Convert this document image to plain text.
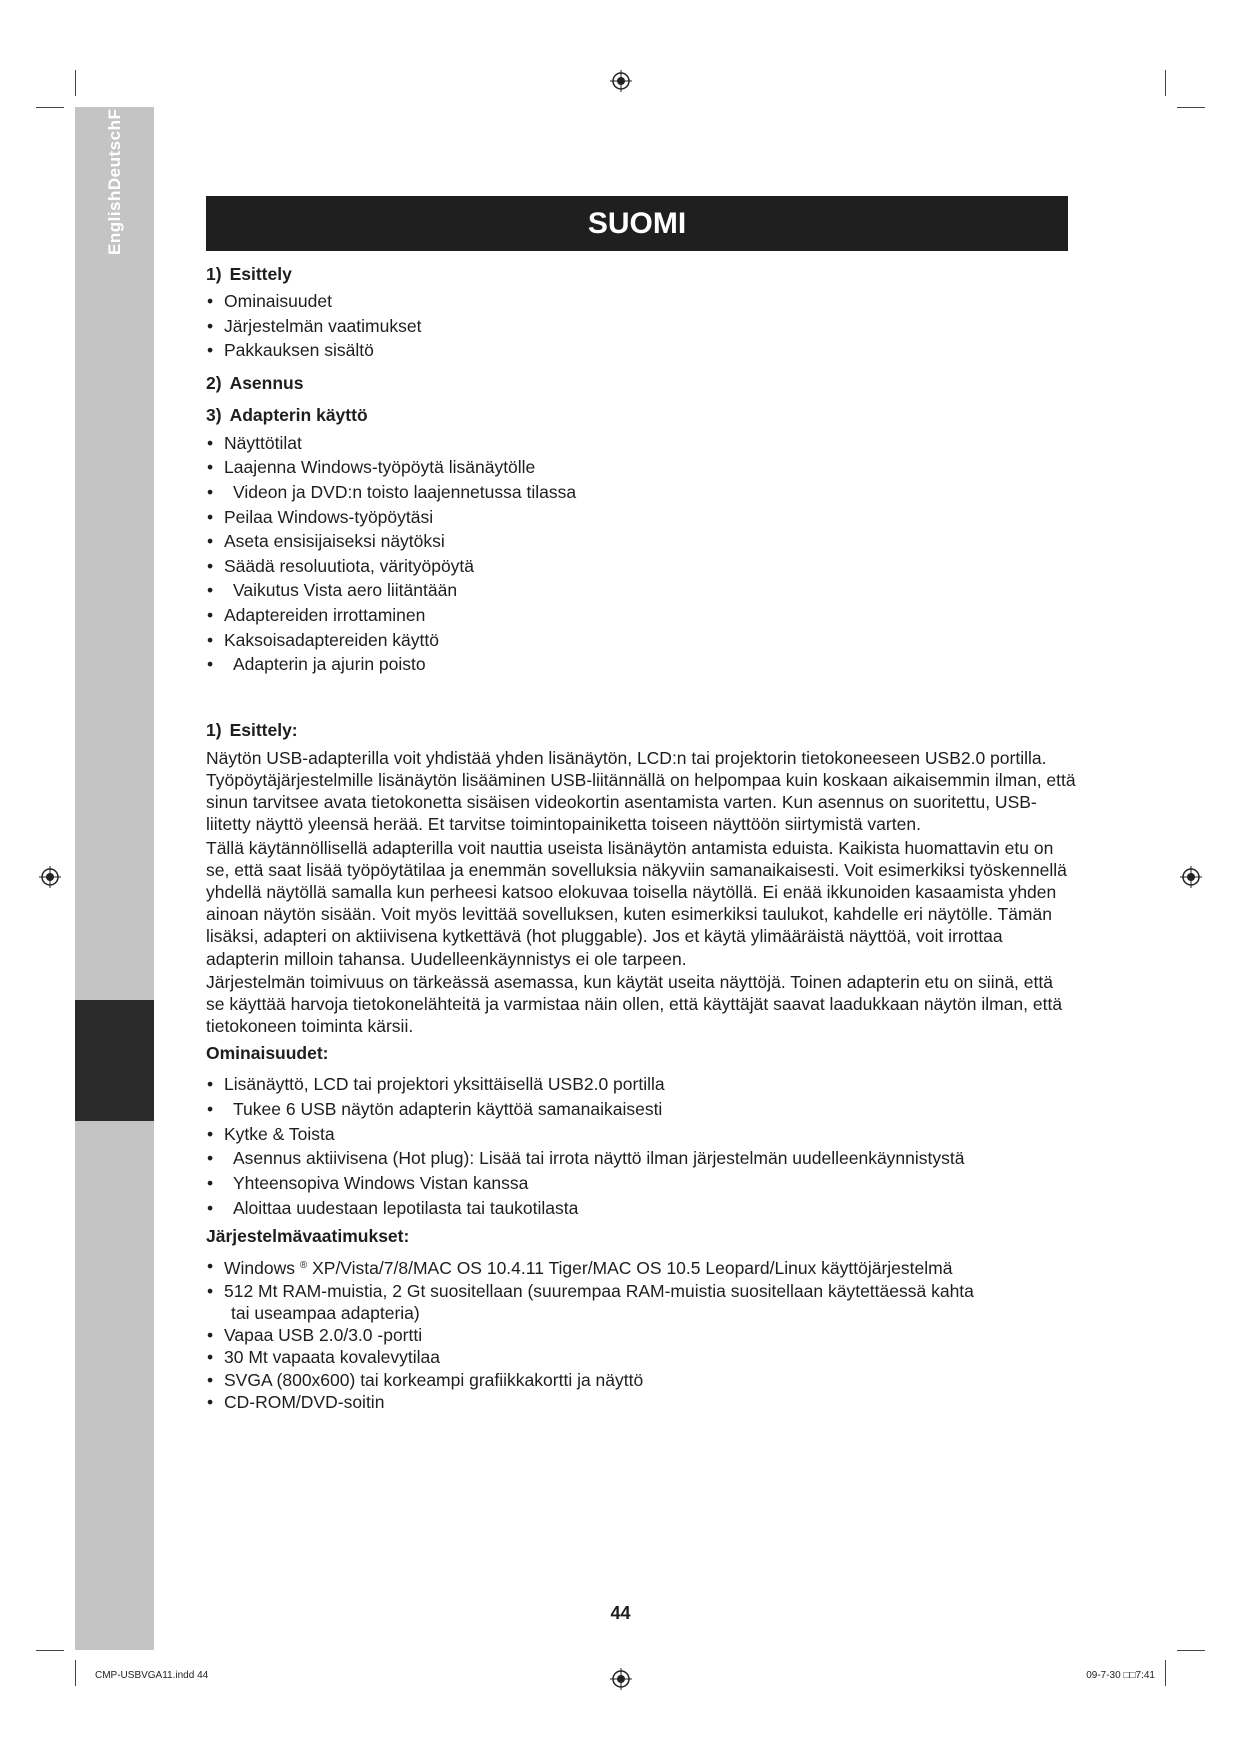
EnglishDeutschF	SUOMI
1) Esittely
• Ominaisuudet
• Järjestelmän vaatimukset
• Pakkauksen sisältö
2) Asennus
3) Adapterin käyttö
• Näyttötilat
• Laajenna Windows-työpöytä lisänäytölle
• Videon ja DVD:n toisto laajennetussa tilassa
• Peilaa Windows-työpöytäsi
• Aseta ensisijaiseksi näytöksi
• Säädä resoluutiota, värityöpöytä
• Vaikutus Vista aero liitäntään
• Adaptereiden irrottaminen
• Kaksoisadaptereiden käyttö
• Adapterin ja ajurin poisto
1) Esittely:

Näytön USB-adapterilla voit yhdistää yhden lisänäytön, LCD:n tai projektorin tietokoneeseen USB2.0 portilla. Työpöytäjärjestelmille lisänäytön lisääminen USB-liitännällä on helpompaa kuin koskaan aikaisemmin ilman, että sinun tarvitsee avata tietokonetta sisäisen videokortin asentamista varten. Kun asennus on suoritettu, USB-liitetty näyttö yleensä herää. Et tarvitse toimintopainiketta toiseen näyttöön siirtymistä varten.

Tällä käytännöllisellä adapterilla voit nauttia useista lisänäytön antamista eduista. Kaikista huomattavin etu on se, että saat lisää työpöytätilaa ja enemmän sovelluksia näkyviin samanaikaisesti. Voit esimerkiksi työskennellä yhdellä näytöllä samalla kun perheesi katsoo elokuvaa toisella näytöllä. Ei enää ikkunoiden kasaamista yhden ainoan näytön sisään. Voit myös levittää sovelluksen, kuten esimerkiksi taulukot, kahdelle eri näytölle. Tämän lisäksi, adapteri on aktiivisena kytkettävä (hot pluggable). Jos et käytä ylimääräistä näyttöä, voit irrottaa adapterin milloin tahansa. Uudelleenkäynnistys ei ole tarpeen.

Järjestelmän toimivuus on tärkeässä asemassa, kun käytät useita näyttöjä. Toinen adapterin etu on siinä, että se käyttää harvoja tietokonelähteitä ja varmistaa näin ollen, että käyttäjät saavat laadukkaan näytön ilman, että tietokoneen toiminta kärsii.

Ominaisuudet:
• Lisänäyttö, LCD tai projektori yksittäisellä USB2.0 portilla
• Tukee 6 USB näytön adapterin käyttöä samanaikaisesti
• Kytke & Toista
• Asennus aktiivisena (Hot plug): Lisää tai irrota näyttö ilman järjestelmän uudelleenkäynnistystä
• Yhteensopiva Windows Vistan kanssa
• Aloittaa uudestaan lepotilasta tai taukotilasta
Järjestelmävaatimukset:
• Windows ® XP/Vista/7/8/MAC OS 10.4.11 Tiger/MAC OS 10.5 Leopard/Linux käyttöjärjestelmä
• 512 Mt RAM-muistia, 2 Gt suositellaan (suurempaa RAM-muistia suositellaan käytettäessä kahta
tai useampaa adapteria)
• Vapaa USB 2.0/3.0 -portti
• 30 Mt vapaata kovalevytilaa
• SVGA (800x600) tai korkeampi grafiikkakortti ja näyttö
• CD-ROM/DVD-soitin
44
CMP-USBVGA11.indd 44	09-7-30 □□7:41
